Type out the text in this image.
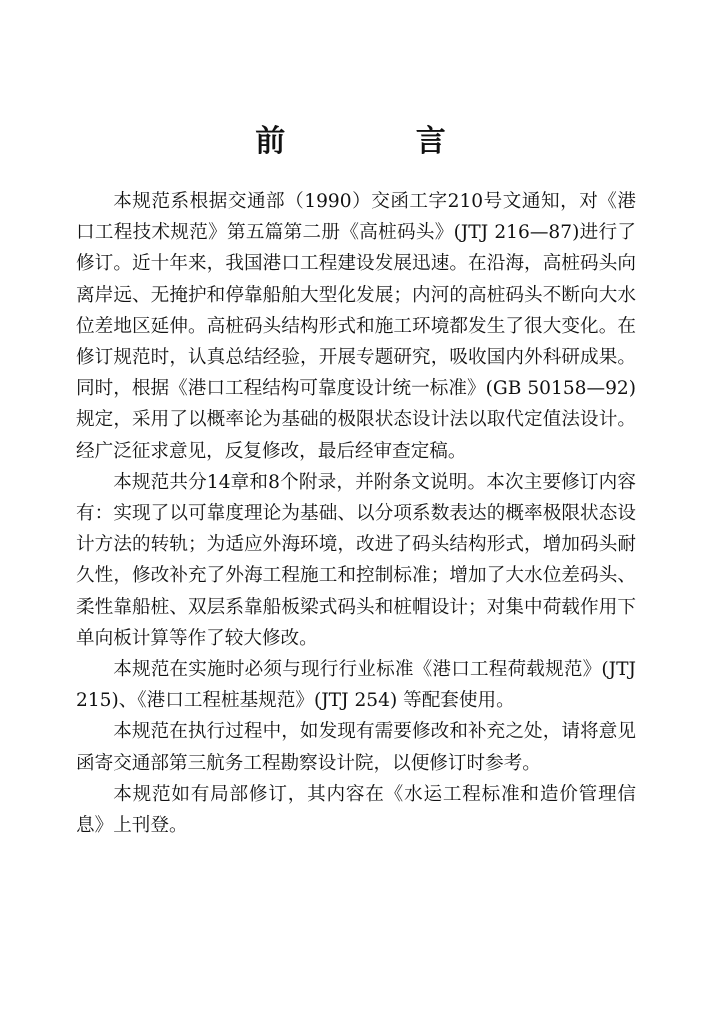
前 言

本规范系根据交通部（1990）交函工字210号文通知，对《港口工程技术规范》第五篇第二册《高桩码头》(JTJ 216—87)进行了修订。近十年来，我国港口工程建设发展迅速。在沿海，高桩码头向离岸远、无掩护和停靠船舶大型化发展；内河的高桩码头不断向大水位差地区延伸。高桩码头结构形式和施工环境都发生了很大变化。在修订规范时，认真总结经验，开展专题研究，吸收国内外科研成果。同时，根据《港口工程结构可靠度设计统一标准》(GB 50158—92)规定，采用了以概率论为基础的极限状态设计法以取代定值法设计。经广泛征求意见，反复修改，最后经审查定稿。

本规范共分14章和8个附录，并附条文说明。本次主要修订内容有：实现了以可靠度理论为基础、以分项系数表达的概率极限状态设计方法的转轨；为适应外海环境，改进了码头结构形式，增加码头耐久性，修改补充了外海工程施工和控制标准；增加了大水位差码头、柔性靠船桩、双层系靠船板梁式码头和桩帽设计；对集中荷载作用下单向板计算等作了较大修改。

本规范在实施时必须与现行行业标准《港口工程荷载规范》(JTJ 215)、《港口工程桩基规范》(JTJ 254) 等配套使用。

本规范在执行过程中，如发现有需要修改和补充之处，请将意见函寄交通部第三航务工程勘察设计院，以便修订时参考。

本规范如有局部修订，其内容在《水运工程标准和造价管理信息》上刊登。
